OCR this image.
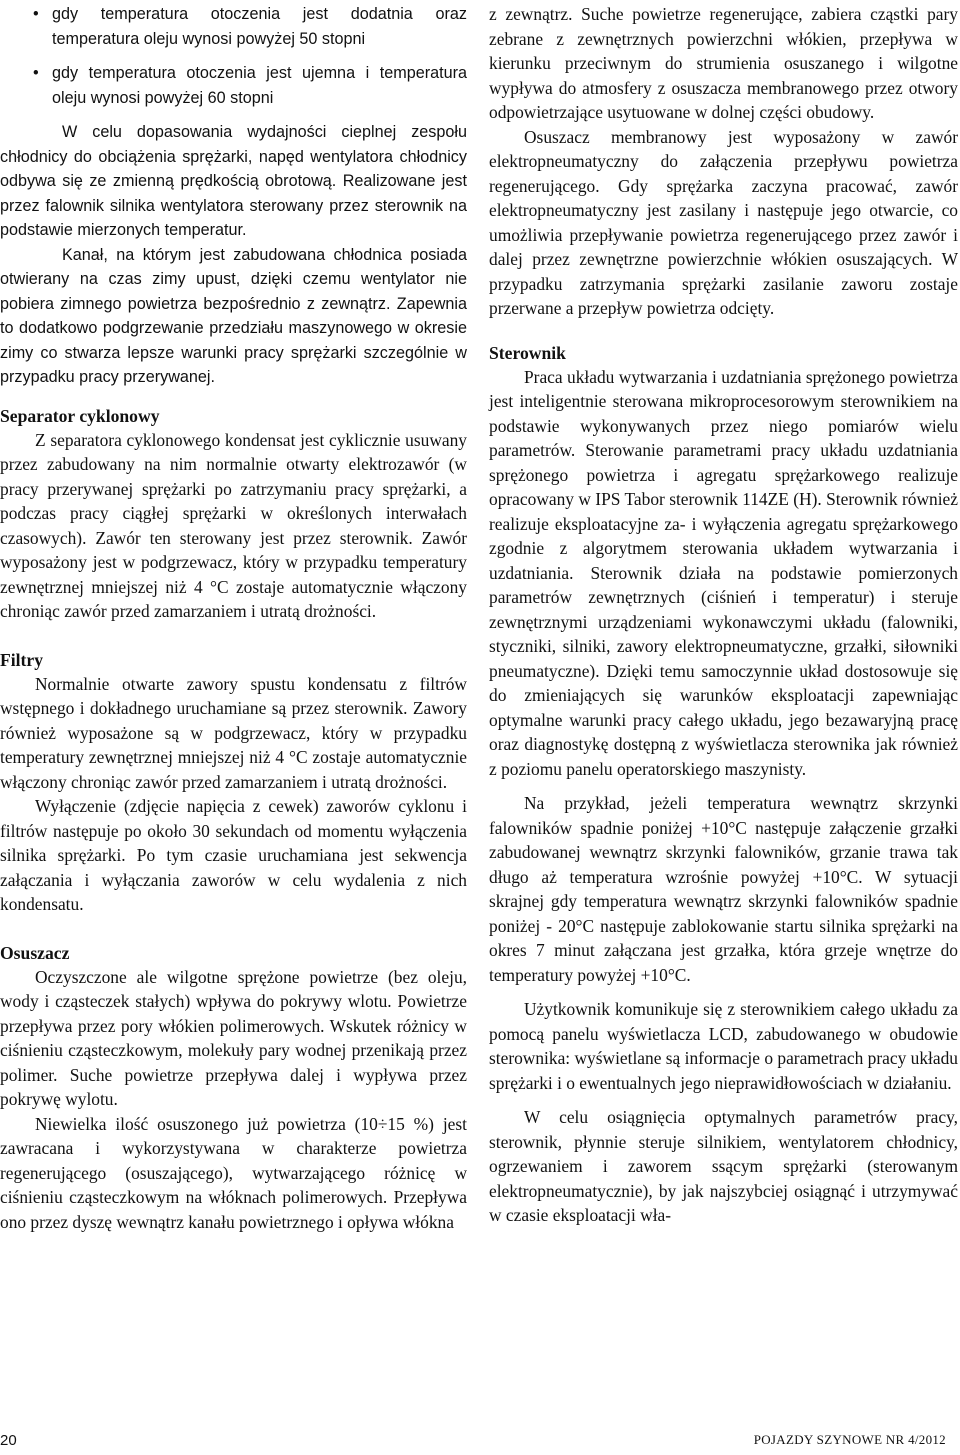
• gdy temperatura otoczenia jest dodatnia oraz temperatura oleju wynosi powyżej 50 stopni
• gdy temperatura otoczenia jest ujemna i temperatura oleju wynosi powyżej 60 stopni

W celu dopasowania wydajności cieplnej zespołu chłodnicy do obciążenia sprężarki, napęd wentylatora chłodnicy odbywa się ze zmienną prędkością obrotową. Realizowane jest przez falownik silnika wentylatora sterowany przez sterownik na podstawie mierzonych temperatur.

Kanał, na którym jest zabudowana chłodnica posiada otwierany na czas zimy upust, dzięki czemu wentylator nie pobiera zimnego powietrza bezpośrednio z zewnątrz. Zapewnia to dodatkowo podgrzewanie przedziału maszynowego w okresie zimy co stwarza lepsze warunki pracy sprężarki szczególnie w przypadku pracy przerywanej.

Separator cyklonowy

Z separatora cyklonowego kondensat jest cyklicznie usuwany przez zabudowany na nim normalnie otwarty elektrozawór (w pracy przerywanej sprężarki po zatrzymaniu pracy sprężarki, a podczas pracy ciągłej sprężarki w określonych interwałach czasowych). Zawór ten sterowany jest przez sterownik. Zawór wyposażony jest w podgrzewacz, który w przypadku temperatury zewnętrznej mniejszej niż 4 °C zostaje automatycznie włączony chroniąc zawór przed zamarzaniem i utratą drożności.

Filtry

Normalnie otwarte zawory spustu kondensatu z filtrów wstępnego i dokładnego uruchamiane są przez sterownik. Zawory również wyposażone są w podgrzewacz, który w przypadku temperatury zewnętrznej mniejszej niż 4 °C zostaje automatycznie włączony chroniąc zawór przed zamarzaniem i utratą drożności.

Wyłączenie (zdjęcie napięcia z cewek) zaworów cyklonu i filtrów następuje po około 30 sekundach od momentu wyłączenia silnika sprężarki. Po tym czasie uruchamiana jest sekwencja załączania i wyłączania zaworów w celu wydalenia z nich kondensatu.

Osuszacz

Oczyszczone ale wilgotne sprężone powietrze (bez oleju, wody i cząsteczek stałych) wpływa do pokrywy wlotu. Powietrze przepływa przez pory włókien polimerowych. Wskutek różnicy w ciśnieniu cząsteczkowym, molekuły pary wodnej przenikają przez polimer. Suche powietrze przepływa dalej i wypływa przez pokrywę wylotu.

Niewielka ilość osuszonego już powietrza (10÷15 %) jest zawracana i wykorzystywana w charakterze powietrza regenerującego (osuszającego), wytwarzającego różnicę w ciśnieniu cząsteczkowym na włóknach polimerowych. Przepływa ono przez dyszę wewnątrz kanału powietrznego i opływa włókna

z zewnątrz. Suche powietrze regenerujące, zabiera cząstki pary zebrane z zewnętrznych powierzchni włókien, przepływa w kierunku przeciwnym do strumienia osuszanego i wilgotne wypływa do atmosfery z osuszacza membranowego przez otwory odpowietrzające usytuowane w dolnej części obudowy.

Osuszacz membranowy jest wyposażony w zawór elektropneumatyczny do załączenia przepływu powietrza regenerującego. Gdy sprężarka zaczyna pracować, zawór elektropneumatyczny jest zasilany i następuje jego otwarcie, co umożliwia przepływanie powietrza regenerującego przez zawór i dalej przez zewnętrzne powierzchnie włókien osuszających. W przypadku zatrzymania sprężarki zasilanie zaworu zostaje przerwane a przepływ powietrza odcięty.

Sterownik

Praca układu wytwarzania i uzdatniania sprężonego powietrza jest inteligentnie sterowana mikroprocesorowym sterownikiem na podstawie wykonywanych przez niego pomiarów wielu parametrów. Sterowanie parametrami pracy układu uzdatniania sprężonego powietrza i agregatu sprężarkowego realizuje opracowany w IPS Tabor sterownik 114ZE (H). Sterownik również realizuje eksploatacyjne za- i wyłączenia agregatu sprężarkowego zgodnie z algorytmem sterowania układem wytwarzania i uzdatniania. Sterownik działa na podstawie pomierzonych parametrów zewnętrznych (ciśnień i temperatur) i steruje zewnętrznymi urządzeniami wykonawczymi układu (falowniki, styczniki, silniki, zawory elektropneumatyczne, grzałki, siłowniki pneumatyczne). Dzięki temu samoczynnie układ dostosowuje się do zmieniających się warunków eksploatacji zapewniając optymalne warunki pracy całego układu, jego bezawaryjną pracę oraz diagnostykę dostępną z wyświetlacza sterownika jak również z poziomu panelu operatorskiego maszynisty.

Na przykład, jeżeli temperatura wewnątrz skrzynki falowników spadnie poniżej +10°C następuje załączenie grzałki zabudowanej wewnątrz skrzynki falowników, grzanie trawa tak długo aż temperatura wzrośnie powyżej +10°C. W sytuacji skrajnej gdy temperatura wewnątrz skrzynki falowników spadnie poniżej - 20°C następuje zablokowanie startu silnika sprężarki na okres 7 minut załączana jest grzałka, która grzeje wnętrze do temperatury powyżej +10°C.

Użytkownik komunikuje się z sterownikiem całego układu za pomocą panelu wyświetlacza LCD, zabudowanego w obudowie sterownika: wyświetlane są informacje o parametrach pracy układu sprężarki i o ewentualnych jego nieprawidłowościach w działaniu.

W celu osiągnięcia optymalnych parametrów pracy, sterownik, płynnie steruje silnikiem, wentylatorem chłodnicy, ogrzewaniem i zaworem ssącym sprężarki (sterowanym elektropneumatycznie), by jak najszybciej osiągnąć i utrzymywać w czasie eksploatacji wła-

20	POJAZDY SZYNOWE NR 4/2012
